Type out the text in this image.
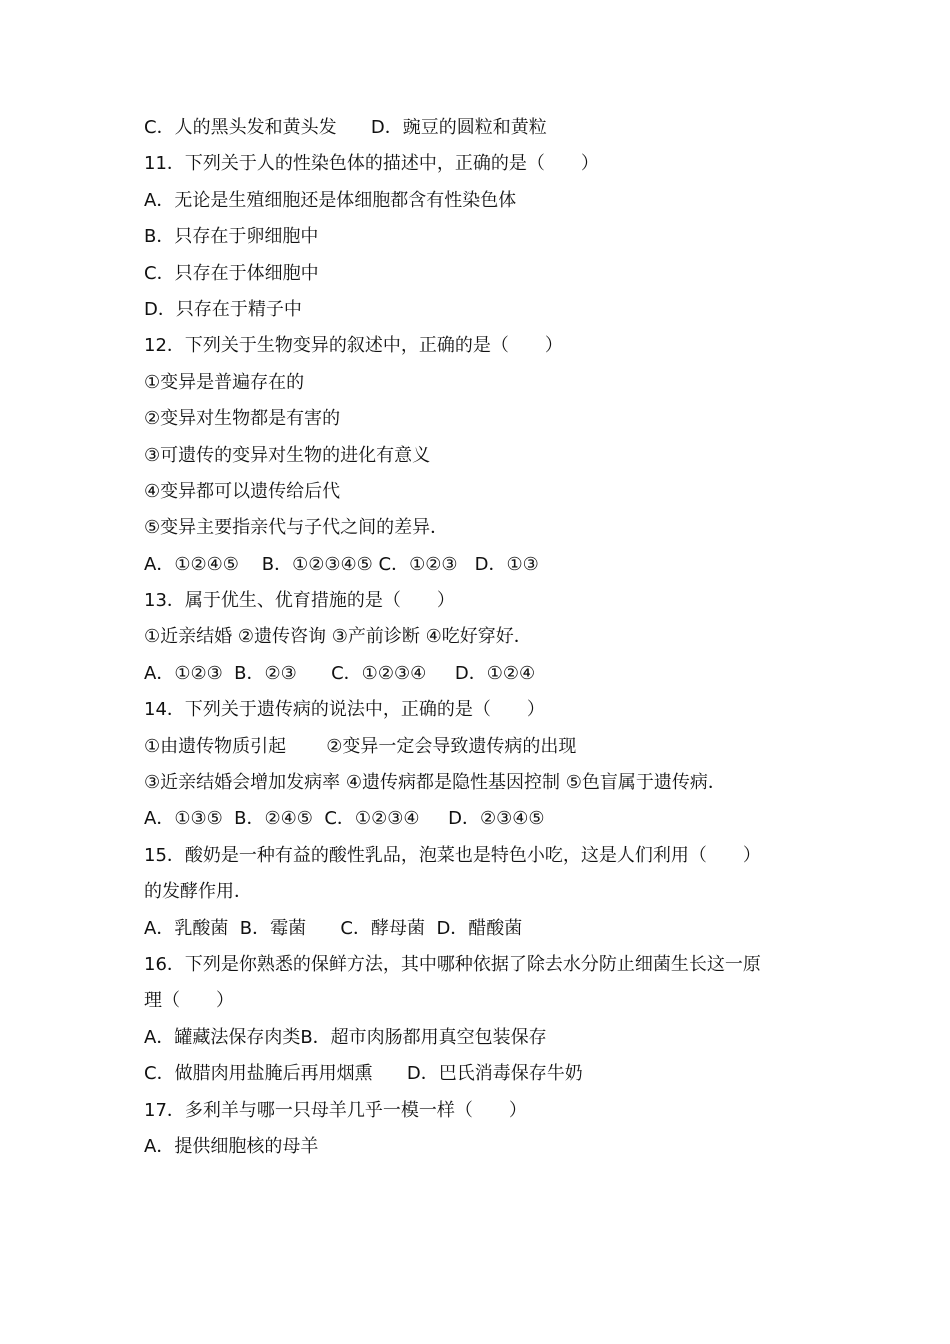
C．人的黑头发和黄头发      D．豌豆的圆粒和黄粒
11．下列关于人的性染色体的描述中，正确的是（　　）
A．无论是生殖细胞还是体细胞都含有性染色体
B．只存在于卵细胞中
C．只存在于体细胞中
D．只存在于精子中
12．下列关于生物变异的叙述中，正确的是（　　）
①变异是普遍存在的
②变异对生物都是有害的
③可遗传的变异对生物的进化有意义
④变异都可以遗传给后代
⑤变异主要指亲代与子代之间的差异．
A．①②④⑤    B．①②③④⑤ C．①②③   D．①③
13．属于优生、优育措施的是（　　）
①近亲结婚 ②遗传咨询 ③产前诊断 ④吃好穿好．
A．①②③  B．②③      C．①②③④     D．①②④
14．下列关于遗传病的说法中，正确的是（　　）
①由遗传物质引起       ②变异一定会导致遗传病的出现
③近亲结婚会增加发病率 ④遗传病都是隐性基因控制 ⑤色盲属于遗传病．
A．①③⑤  B．②④⑤  C．①②③④     D．②③④⑤
15．酸奶是一种有益的酸性乳品，泡菜也是特色小吃，这是人们利用（　　）
的发酵作用．
A．乳酸菌  B．霉菌      C．酵母菌  D．醋酸菌
16．下列是你熟悉的保鲜方法，其中哪种依据了除去水分防止细菌生长这一原
理（　　）
A．罐藏法保存肉类B．超市肉肠都用真空包装保存
C．做腊肉用盐腌后再用烟熏      D．巴氏消毒保存牛奶
17．多利羊与哪一只母羊几乎一模一样（　　）
A．提供细胞核的母羊
